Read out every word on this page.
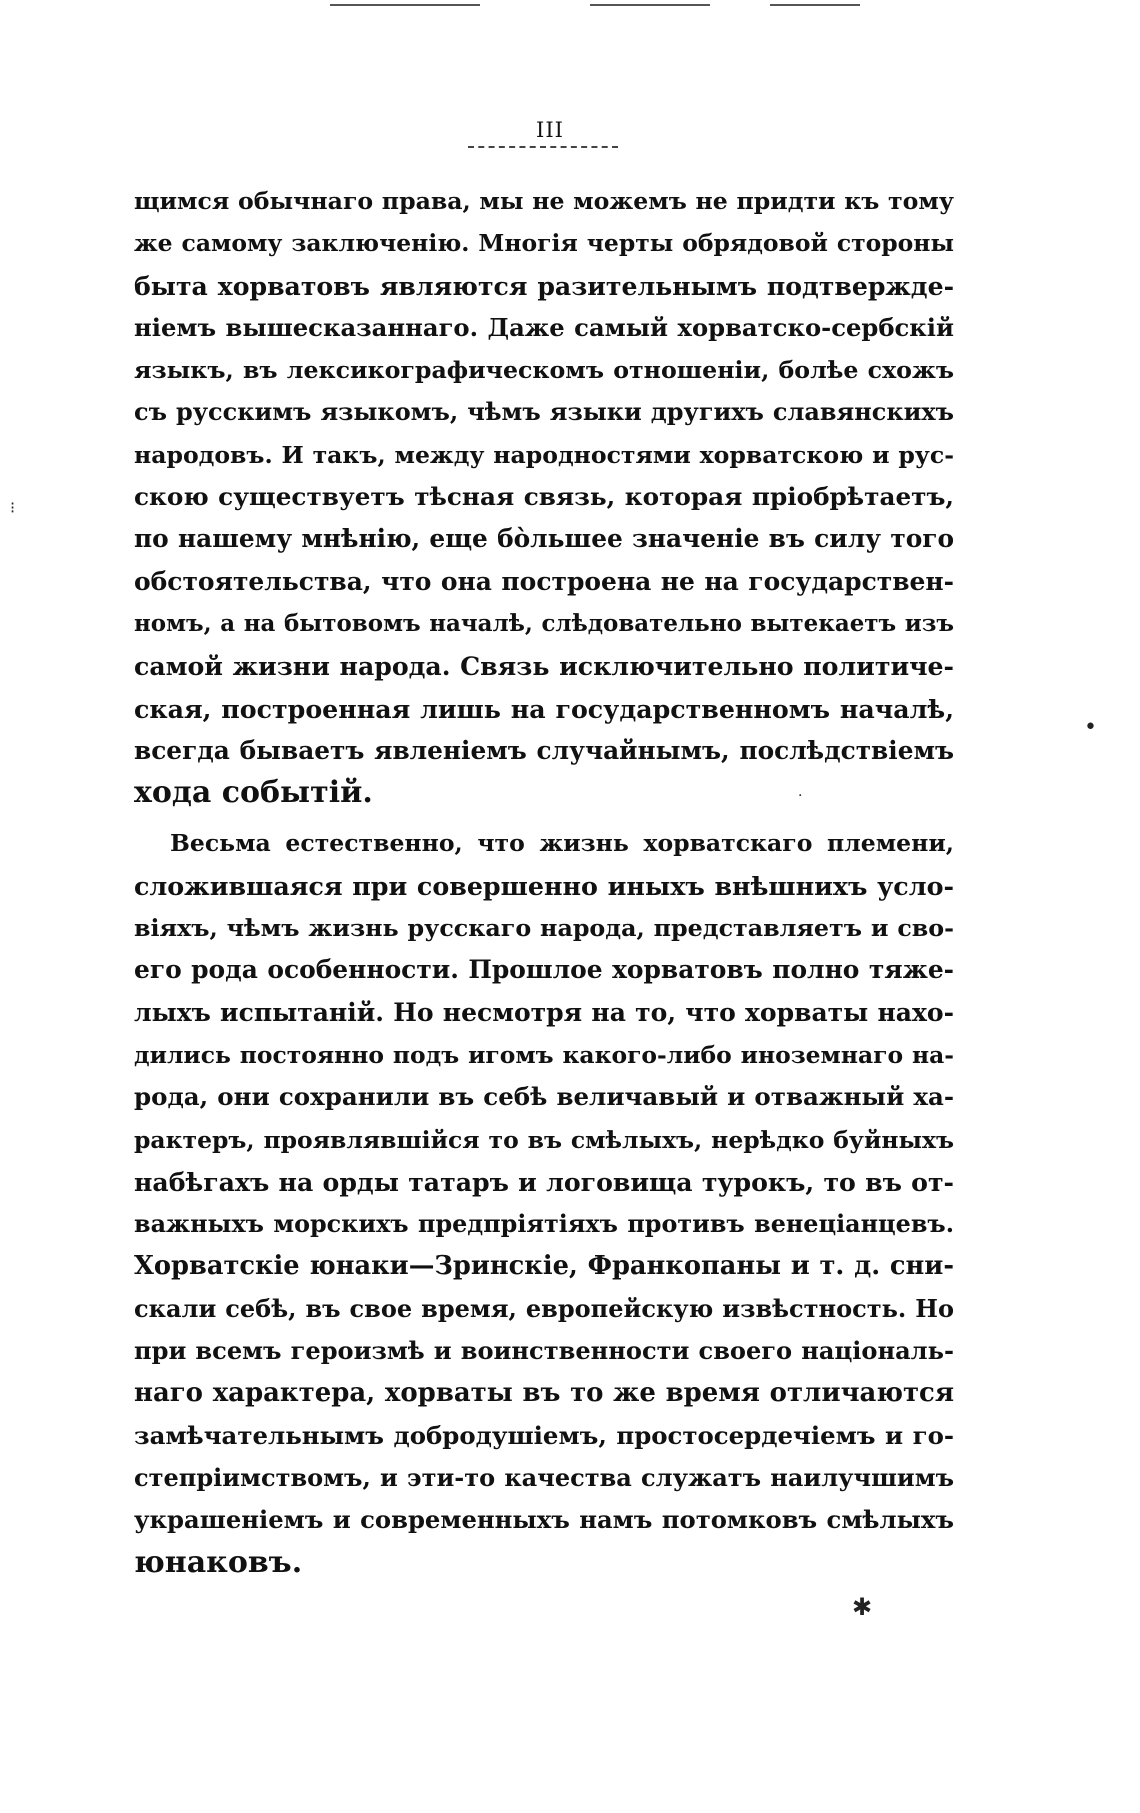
III
щимся обычнаго права, мы не можемъ не придти къ тому
же самому заключенію. Многія черты обрядовой стороны
быта хорватовъ являются разительнымъ подтвержде-
ніемъ вышесказаннаго. Даже самый хорватско-сербскій
языкъ, въ лексикографическомъ отношеніи, болѣе схожъ
съ русскимъ языкомъ, чѣмъ языки другихъ славянскихъ
народовъ. И такъ, между народностями хорватскою и рус-
скою существуетъ тѣсная связь, которая пріобрѣтаетъ,
по нашему мнѣнію, еще бо̀льшее значеніе въ силу того
обстоятельства, что она построена не на государствен-
номъ, а на бытовомъ началѣ, слѣдовательно вытекаетъ изъ
самой жизни народа. Связь исключительно политиче-
ская, построенная лишь на государственномъ началѣ,
всегда бываетъ явленіемъ случайнымъ, послѣдствіемъ
хода событій.
Весьма естественно, что жизнь хорватскаго племени,
сложившаяся при совершенно иныхъ внѣшнихъ усло-
віяхъ, чѣмъ жизнь русскаго народа, представляетъ и сво-
его рода особенности. Прошлое хорватовъ полно тяже-
лыхъ испытаній. Но несмотря на то, что хорваты нахо-
дились постоянно подъ игомъ какого-либо иноземнаго на-
рода, они сохранили въ себѣ величавый и отважный ха-
рактеръ, проявлявшійся то въ смѣлыхъ, нерѣдко буйныхъ
набѣгахъ на орды татаръ и логовища турокъ, то въ от-
важныхъ морскихъ предпріятіяхъ противъ венеціанцевъ.
Хорватскіе юнаки—Зринскіе, Франкопаны и т. д. сни-
скали себѣ, въ свое время, европейскую извѣстность. Но
при всемъ героизмѣ и воинственности своего національ-
наго характера, хорваты въ то же время отличаются
замѣчательнымъ добродушіемъ, простосердечіемъ и го-
степріимствомъ, и эти-то качества служатъ наилучшимъ
украшеніемъ и современныхъ намъ потомковъ смѣлыхъ
юнаковъ.
⁝
•
✱
·
